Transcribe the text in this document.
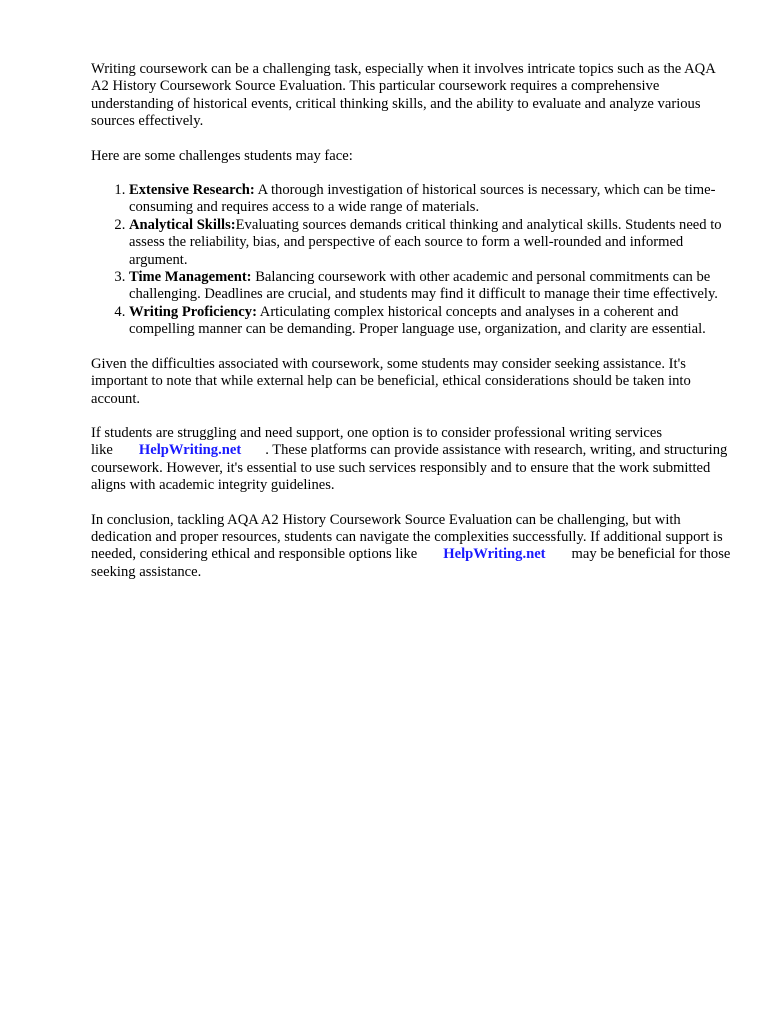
Writing coursework can be a challenging task, especially when it involves intricate topics such as the AQA A2 History Coursework Source Evaluation. This particular coursework requires a comprehensive understanding of historical events, critical thinking skills, and the ability to evaluate and analyze various sources effectively.

Here are some challenges students may face:

1. Extensive Research: A thorough investigation of historical sources is necessary, which can be time-consuming and requires access to a wide range of materials.
2. Analytical Skills:Evaluating sources demands critical thinking and analytical skills. Students need to assess the reliability, bias, and perspective of each source to form a well-rounded and informed argument.
3. Time Management: Balancing coursework with other academic and personal commitments can be challenging. Deadlines are crucial, and students may find it difficult to manage their time effectively.
4. Writing Proficiency: Articulating complex historical concepts and analyses in a coherent and compelling manner can be demanding. Proper language use, organization, and clarity are essential.

Given the difficulties associated with coursework, some students may consider seeking assistance. It's important to note that while external help can be beneficial, ethical considerations should be taken into account.

If students are struggling and need support, one option is to consider professional writing services like HelpWriting.net . These platforms can provide assistance with research, writing, and structuring coursework. However, it's essential to use such services responsibly and to ensure that the work submitted aligns with academic integrity guidelines.

In conclusion, tackling AQA A2 History Coursework Source Evaluation can be challenging, but with dedication and proper resources, students can navigate the complexities successfully. If additional support is needed, considering ethical and responsible options like HelpWriting.net may be beneficial for those seeking assistance.
